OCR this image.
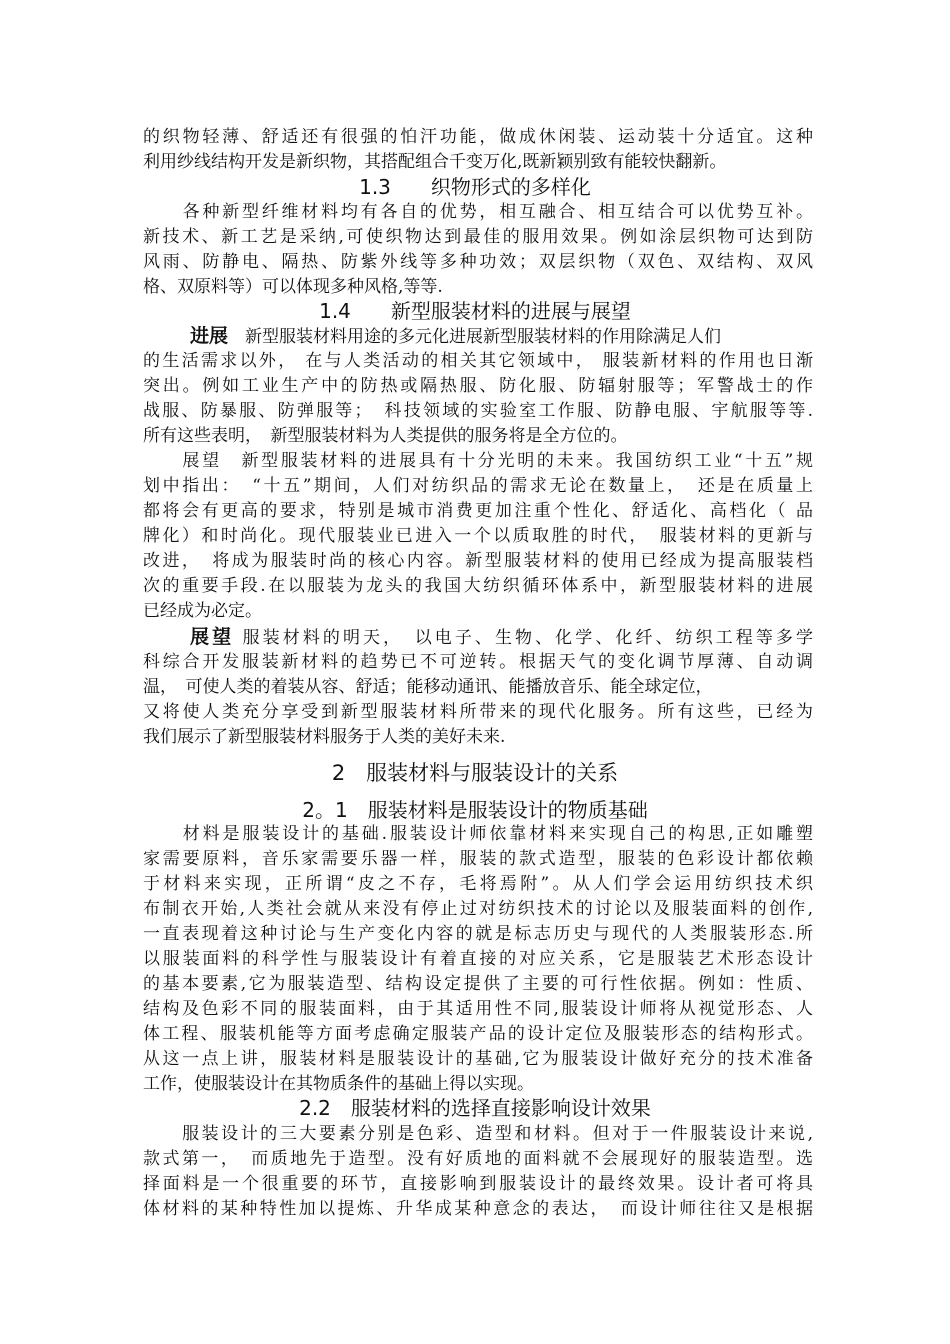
的织物轻薄、舒适还有很强的怕汗功能，做成休闲装、运动装十分适宜。这种
利用纱线结构开发是新织物，其搭配组合千变万化,既新颖别致有能较快翻新。
1.3　　织物形式的多样化
　　各种新型纤维材料均有各自的优势，相互融合、相互结合可以优势互补。
新技术、新工艺是采纳,可使织物达到最佳的服用效果。例如涂层织物可达到防
风雨、防静电、隔热、防紫外线等多种功效；双层织物（双色、双结构、双风
格、双原料等）可以体现多种风格,等等.
1.4　　新型服装材料的进展与展望
进展　新型服装材料用途的多元化进展新型服装材料的作用除满足人们
的生活需求以外， 在与人类活动的相关其它领域中， 服装新材料的作用也日渐
突出。例如工业生产中的防热或隔热服、防化服、防辐射服等；军警战士的作
战服、防暴服、防弹服等；　科技领域的实验室工作服、防静电服、宇航服等等.
所有这些表明，　新型服装材料为人类提供的服务将是全方位的。
　　展望　新型服装材料的进展具有十分光明的未来。我国纺织工业“十五”规
划中指出：　“十五”期间，人们对纺织品的需求无论在数量上，　还是在质量上
都将会有更高的要求，特别是城市消费更加注重个性化、舒适化、高档化（ 品
牌化）和时尚化。现代服装业已进入一个以质取胜的时代，　服装材料的更新与
改进，　将成为服装时尚的核心内容。新型服装材料的使用已经成为提高服装档
次的重要手段.在以服装为龙头的我国大纺织循环体系中，新型服装材料的进展
已经成为必定。
展望 服装材料的明天，　以电子、生物、化学、化纤、纺织工程等多学
科综合开发服装新材料的趋势已不可逆转。根据天气的变化调节厚薄、自动调
温，　可使人类的着装从容、舒适；能移动通讯、能播放音乐、能全球定位，
又将使人类充分享受到新型服装材料所带来的现代化服务。所有这些，已经为
我们展示了新型服装材料服务于人类的美好未来.
2　服装材料与服装设计的关系
2。1　服装材料是服装设计的物质基础
　　材料是服装设计的基础.服装设计师依靠材料来实现自己的构思,正如雕塑
家需要原料，音乐家需要乐器一样，服装的款式造型，服装的色彩设计都依赖
于材料来实现，正所谓“皮之不存，毛将焉附”。从人们学会运用纺织技术织
布制衣开始,人类社会就从来没有停止过对纺织技术的讨论以及服装面料的创作,
一直表现着这种讨论与生产变化内容的就是标志历史与现代的人类服装形态.所
以服装面料的科学性与服装设计有着直接的对应关系，它是服装艺术形态设计
的基本要素,它为服装造型、结构设定提供了主要的可行性依据。例如：性质、
结构及色彩不同的服装面料，由于其适用性不同,服装设计师将从视觉形态、人
体工程、服装机能等方面考虑确定服装产品的设计定位及服装形态的结构形式。
从这一点上讲，服装材料是服装设计的基础,它为服装设计做好充分的技术准备
工作，使服装设计在其物质条件的基础上得以实现。
2.2　服装材料的选择直接影响设计效果
　　服装设计的三大要素分别是色彩、造型和材料。但对于一件服装设计来说,
款式第一，　而质地先于造型。没有好质地的面料就不会展现好的服装造型。选
择面料是一个很重要的环节，直接影响到服装设计的最终效果。设计者可将具
体材料的某种特性加以提炼、升华成某种意念的表达，　而设计师往往又是根据
